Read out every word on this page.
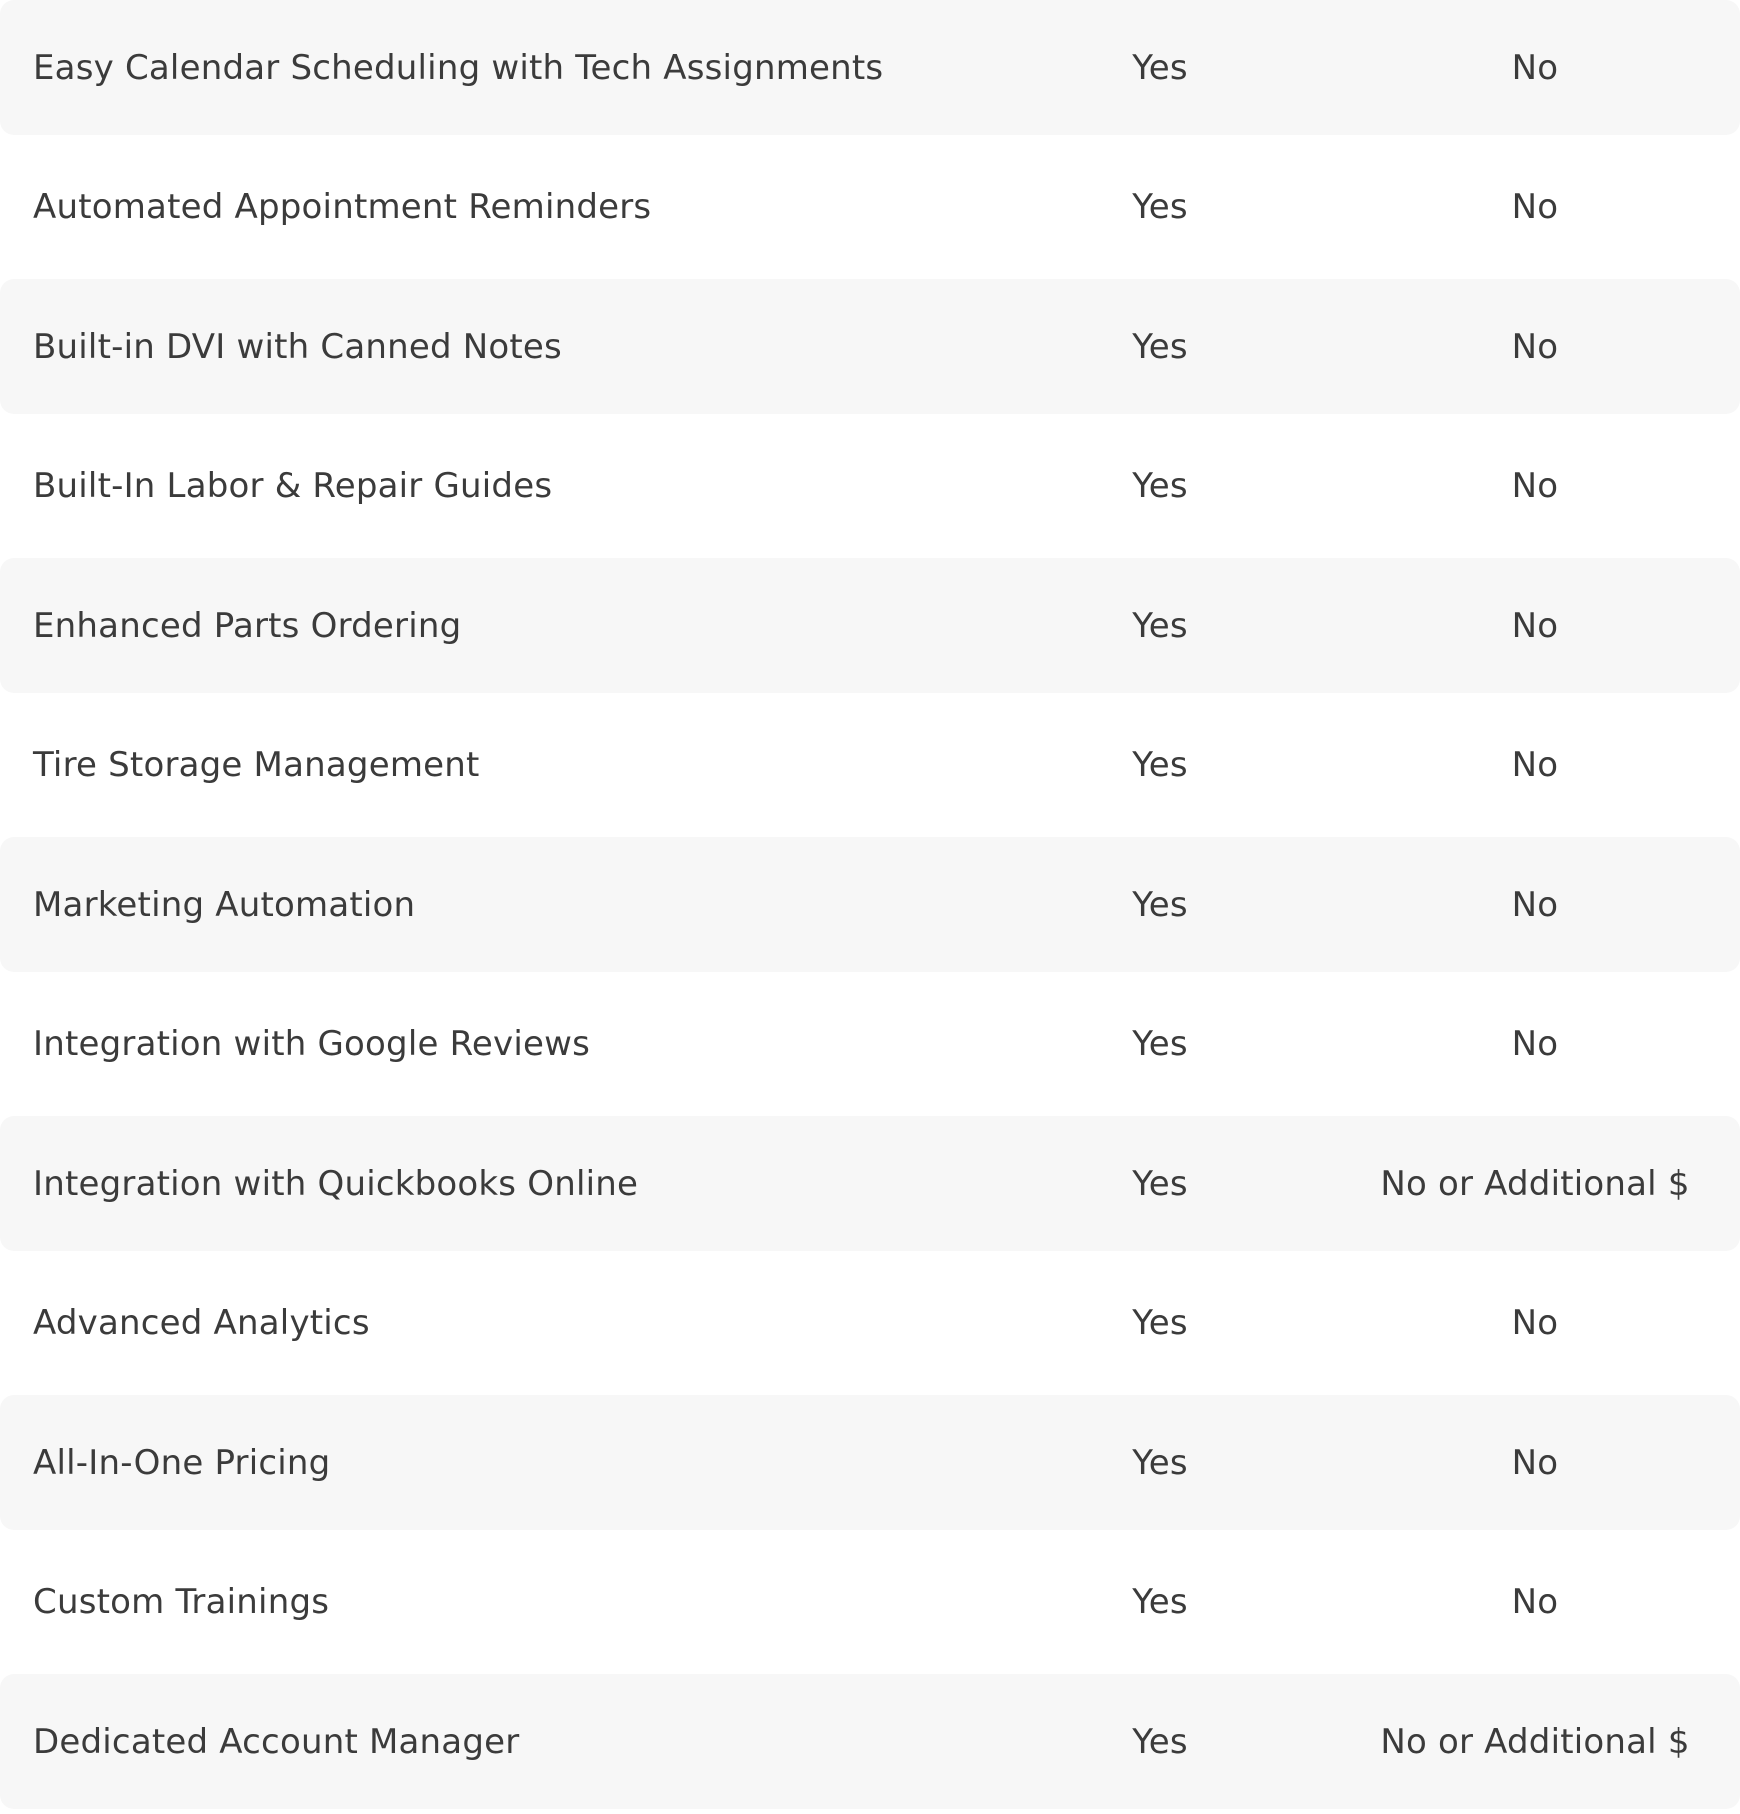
Easy Calendar Scheduling with Tech Assignments	Yes	No
Automated Appointment Reminders	Yes	No
Built-in DVI with Canned Notes	Yes	No
Built-In Labor & Repair Guides	Yes	No
Enhanced Parts Ordering	Yes	No
Tire Storage Management	Yes	No
Marketing Automation	Yes	No
Integration with Google Reviews	Yes	No
Integration with Quickbooks Online	Yes	No or Additional $
Advanced Analytics	Yes	No
All-In-One Pricing	Yes	No
Custom Trainings	Yes	No
Dedicated Account Manager	Yes	No or Additional $
